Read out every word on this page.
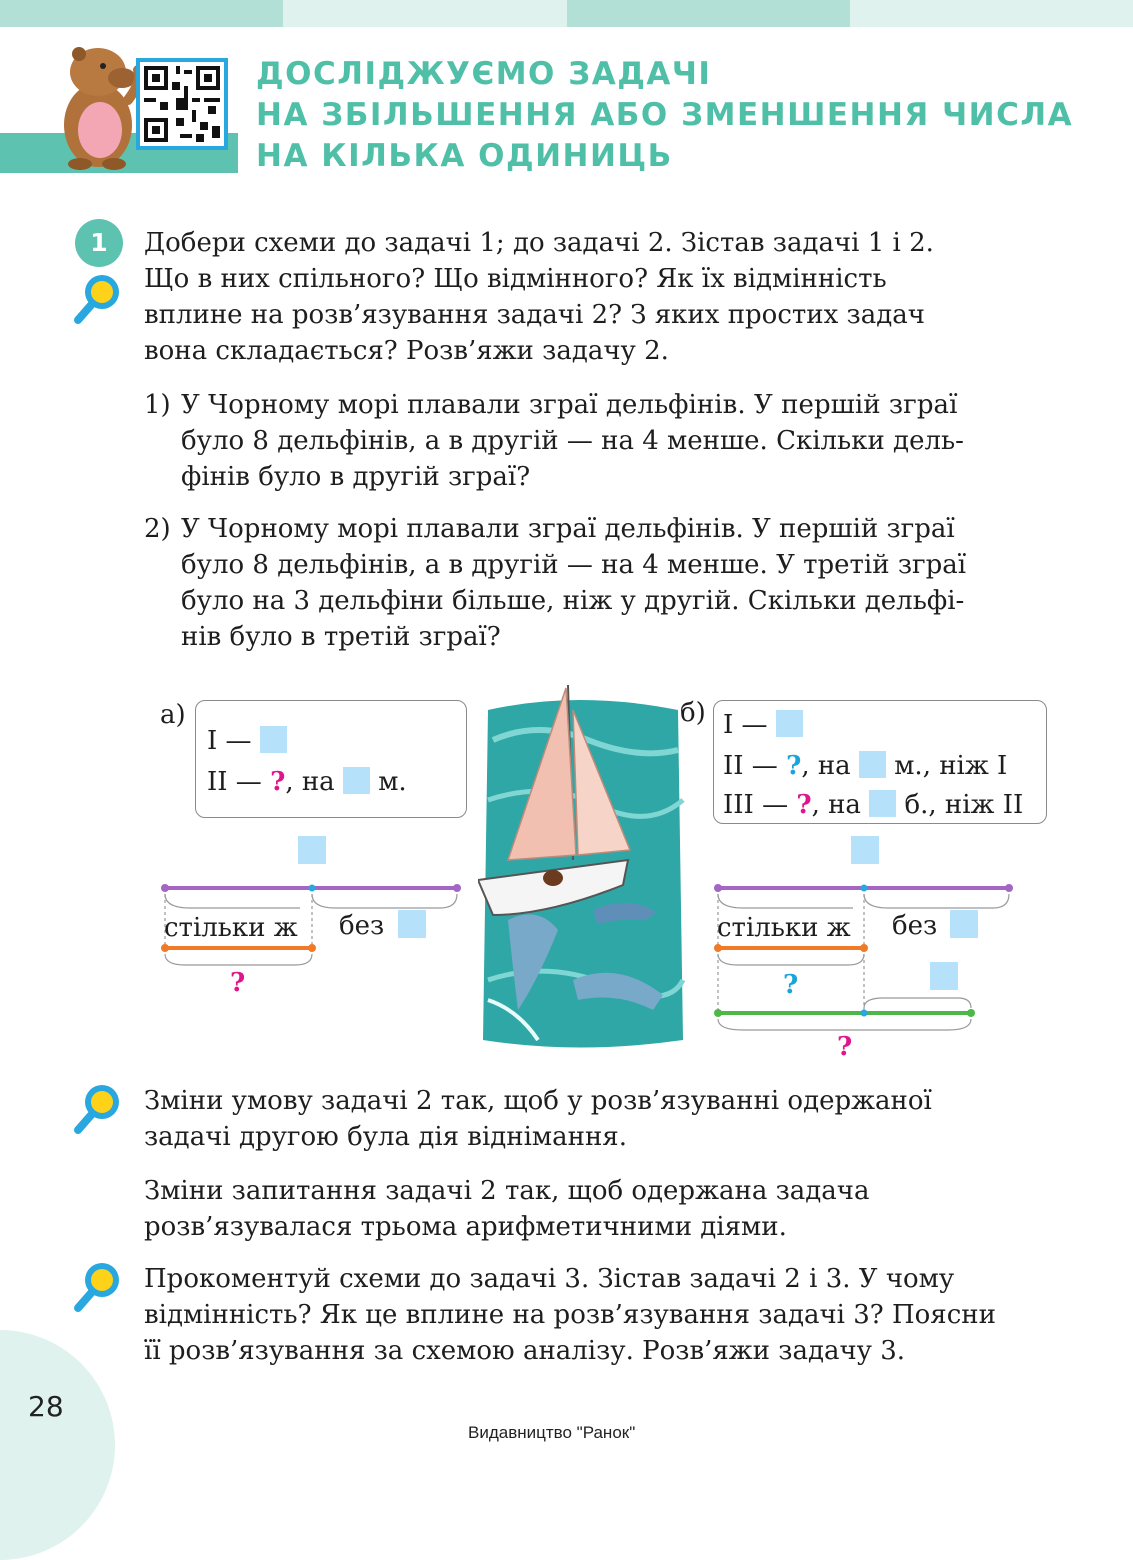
ДОСЛІДЖУЄМО ЗАДАЧІ
НА ЗБІЛЬШЕННЯ АБО ЗМЕНШЕННЯ ЧИСЛА
НА КІЛЬКА ОДИНИЦЬ
1	Добери схеми до задачі 1; до задачі 2. Зістав задачі 1 і 2.
Що в них спільного? Що відмінного? Як їх відмінність
вплине на розв’язування задачі 2? З яких простих задач
вона складається? Розв’яжи задачу 2.
1) У Чорному морі плавали зграї дельфінів. У першій зграї
було 8 дельфінів, а в другій — на 4 менше. Скільки дель-
фінів було в другій зграї?
2) У Чорному морі плавали зграї дельфінів. У першій зграї
було 8 дельфінів, а в другій — на 4 менше. У третій зграї
було на 3 дельфіни більше, ніж у другій. Скільки дельфі-
нів було в третій зграї?
а)
I —
II — ?, на м.
стільки ж без
?
б) I —
II — ?, на м., ніж I
III — ?, на б., ніж II
стільки ж без
?
?
Зміни умову задачі 2 так, щоб у розв’язуванні одержаної
задачі другою була дія віднімання.
Зміни запитання задачі 2 так, щоб одержана задача
розв’язувалася трьома арифметичними діями.
Прокоментуй схеми до задачі 3. Зістав задачі 2 і 3. У чому
відмінність? Як це вплине на розв’язування задачі 3? Поясни
її розв’язування за схемою аналізу. Розв’яжи задачу 3.
28
Видавництво "Ранок"
